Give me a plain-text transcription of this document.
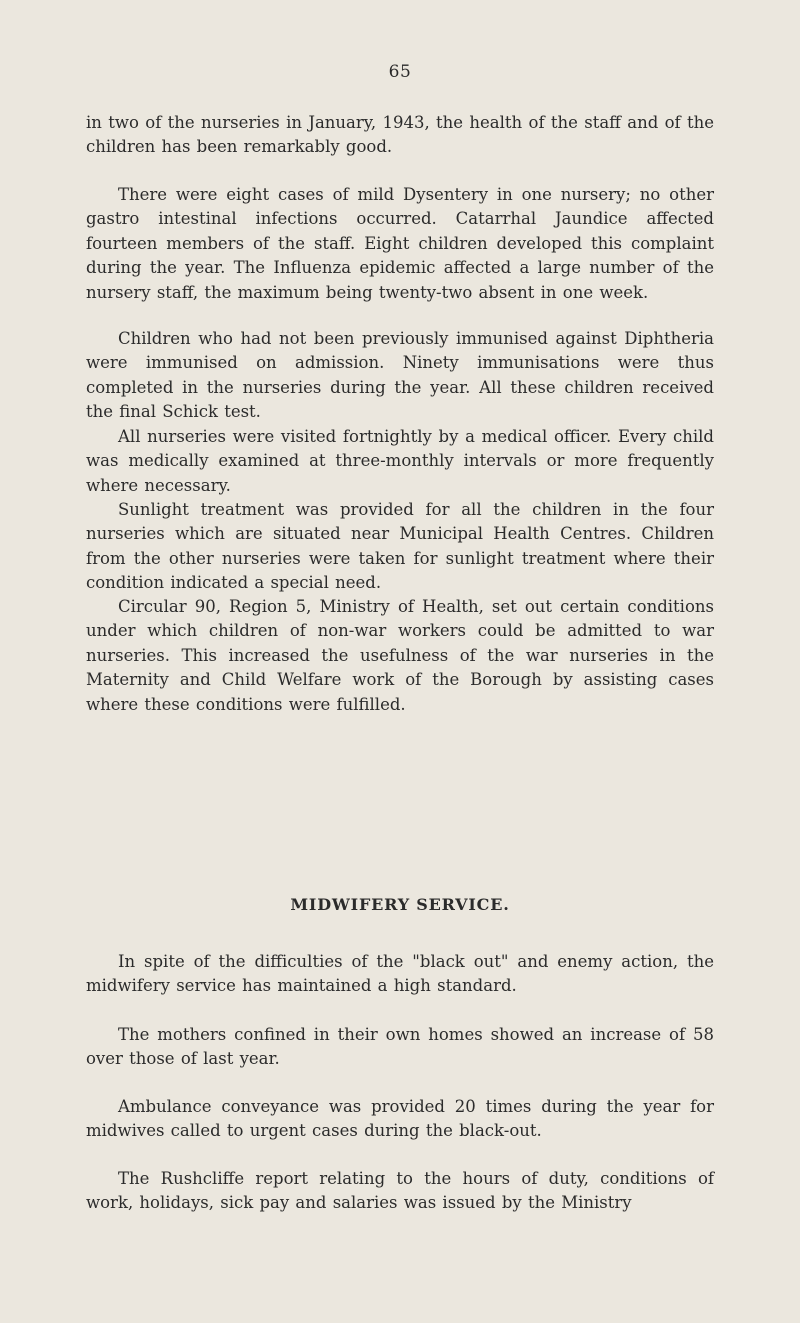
65

in two of the nurseries in January, 1943, the health of the staff and of the children has been remarkably good.

There were eight cases of mild Dysentery in one nursery; no other gastro intestinal infections occurred. Catarrhal Jaundice affected fourteen members of the staff. Eight children developed this complaint during the year. The Influenza epidemic affected a large number of the nursery staff, the maximum being twenty-two absent in one week.

Children who had not been previously immunised against Diphtheria were immunised on admission. Ninety immunisations were thus completed in the nurseries during the year. All these children received the final Schick test.

All nurseries were visited fortnightly by a medical officer. Every child was medically examined at three-monthly intervals or more frequently where necessary.

Sunlight treatment was provided for all the children in the four nurseries which are situated near Municipal Health Centres. Children from the other nurseries were taken for sunlight treatment where their condition indicated a special need.

Circular 90, Region 5, Ministry of Health, set out certain conditions under which children of non-war workers could be admitted to war nurseries. This increased the usefulness of the war nurseries in the Maternity and Child Welfare work of the Borough by assisting cases where these conditions were fulfilled.

MIDWIFERY SERVICE.

In spite of the difficulties of the "black out" and enemy action, the midwifery service has maintained a high standard.

The mothers confined in their own homes showed an increase of 58 over those of last year.

Ambulance conveyance was provided 20 times during the year for midwives called to urgent cases during the black-out.

The Rushcliffe report relating to the hours of duty, conditions of work, holidays, sick pay and salaries was issued by the Ministry
